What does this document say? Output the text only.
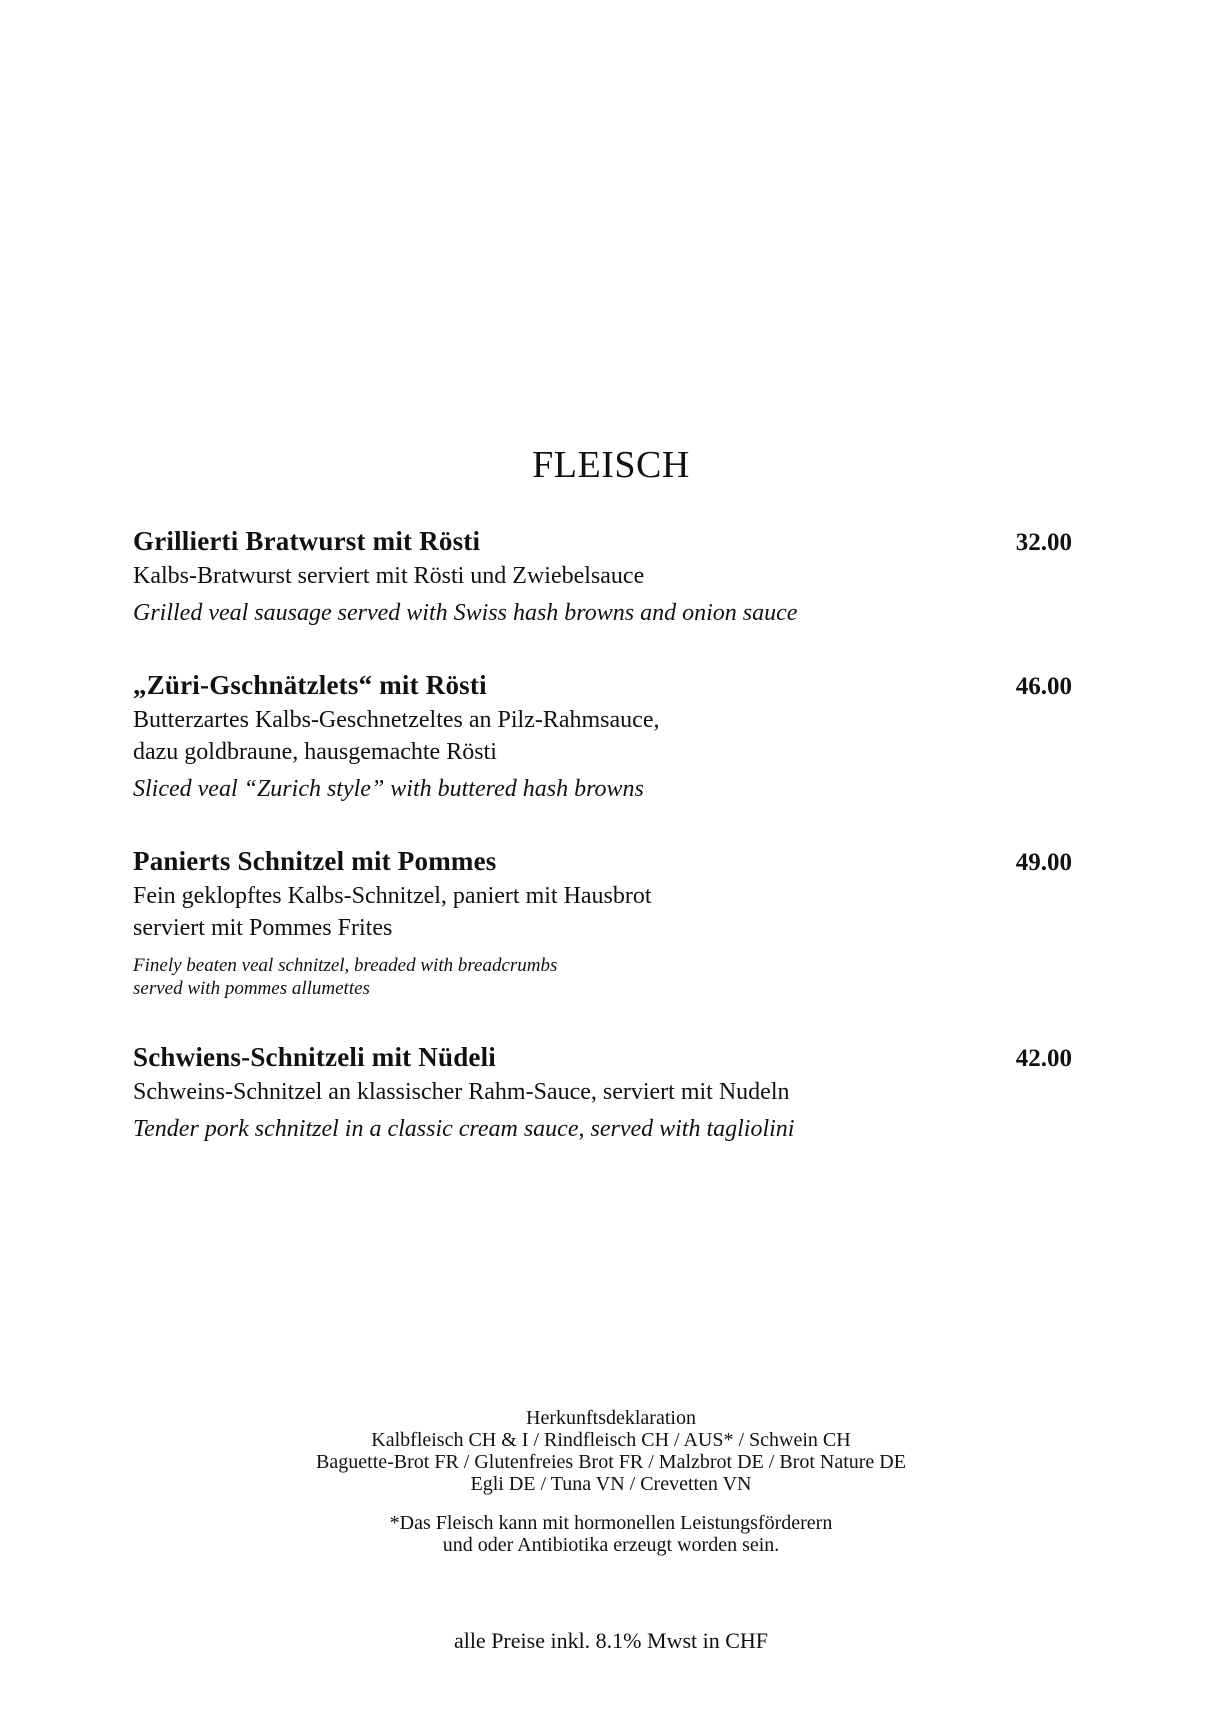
FLEISCH
Grillierti Bratwurst mit Rösti	32.00
Kalbs-Bratwurst serviert mit Rösti und Zwiebelsauce
Grilled veal sausage served with Swiss hash browns and onion sauce
„Züri-Gschnätzlets“ mit Rösti	46.00
Butterzartes Kalbs-Geschnetzeltes an Pilz-Rahmsauce,
dazu goldbraune, hausgemachte Rösti
Sliced veal “Zurich style” with buttered hash browns
Panierts Schnitzel mit Pommes	49.00
Fein geklopftes Kalbs-Schnitzel, paniert mit Hausbrot
serviert mit Pommes Frites
Finely beaten veal schnitzel, breaded with breadcrumbs
served with pommes allumettes
Schwiens-Schnitzeli mit Nüdeli	42.00
Schweins-Schnitzel an klassischer Rahm-Sauce, serviert mit Nudeln
Tender pork schnitzel in a classic cream sauce, served with tagliolini
Herkunftsdeklaration
Kalbfleisch CH & I / Rindfleisch CH / AUS* / Schwein CH
Baguette-Brot FR / Glutenfreies Brot FR / Malzbrot DE / Brot Nature DE
Egli DE / Tuna VN / Crevetten VN
*Das Fleisch kann mit hormonellen Leistungsförderern
und oder Antibiotika erzeugt worden sein.
alle Preise inkl. 8.1% Mwst in CHF
